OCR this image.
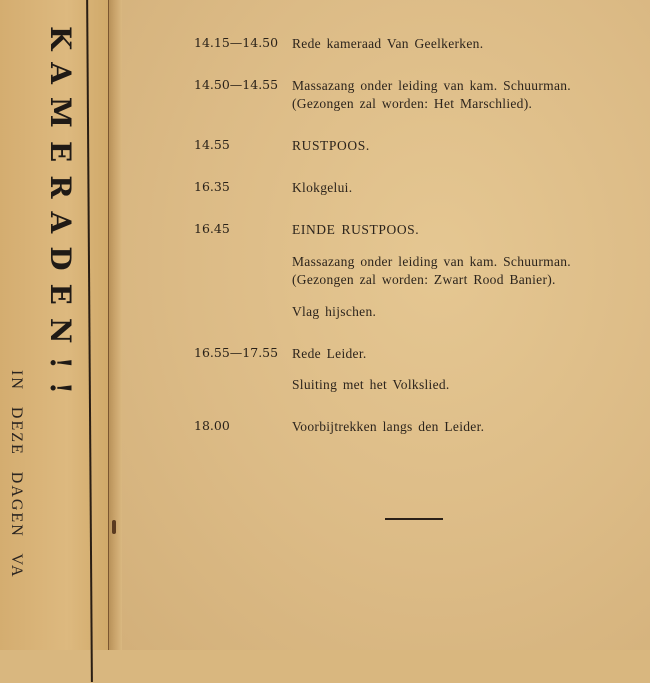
KAMERADEN!!
IN DEZE DAGEN VA
14.15—14.50	Rede kameraad Van Geelkerken.
14.50—14.55	Massazang onder leiding van kam. Schuurman.
(Gezongen zal worden: Het Marschlied).
14.55	RUSTPOOS.
16.35	Klokgelui.
16.45	EINDE RUSTPOOS.
Massazang onder leiding van kam. Schuurman.
(Gezongen zal worden: Zwart Rood Banier).
Vlag hijschen.
16.55—17.55	Rede Leider.
Sluiting met het Volkslied.
18.00	Voorbijtrekken langs den Leider.
